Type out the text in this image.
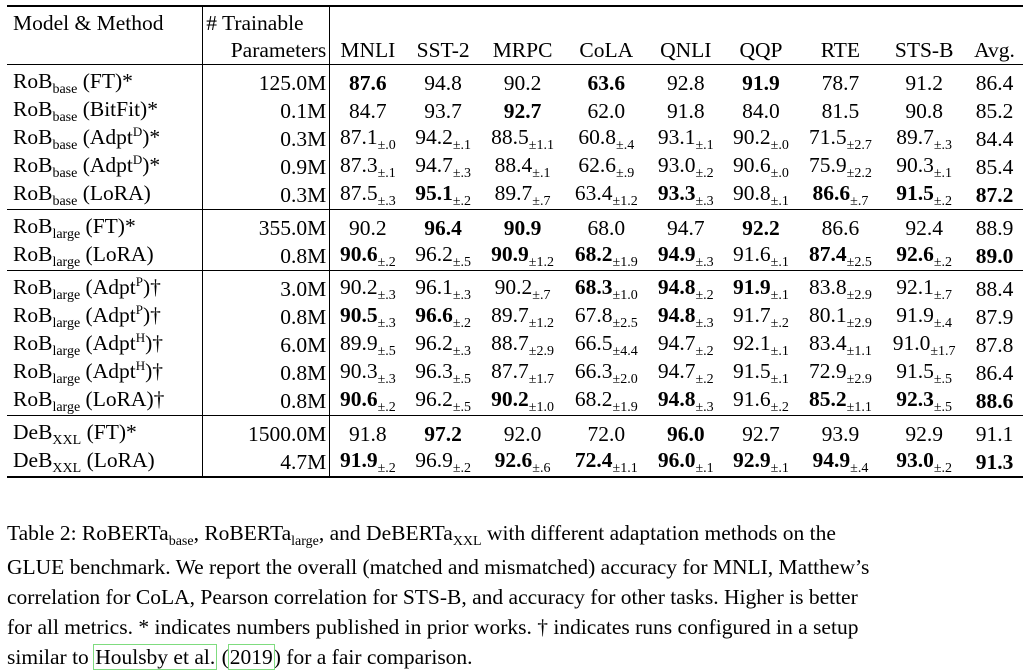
Model & Method	# Trainable									
	Parameters	MNLI	SST-2	MRPC	CoLA	QNLI	QQP	RTE	STS-B	Avg.
RoB$_{base}$ (FT)*	125.0M	87.6	94.8	90.2	63.6	92.8	91.9	78.7	91.2	86.4
RoB$_{base}$ (BitFit)*	0.1M	84.7	93.7	92.7	62.0	91.8	84.0	81.5	90.8	85.2
RoB$_{base}$ (Adpt$^D$)*	0.3M	$87.1_{\pm.0}$	$94.2_{\pm.1}$	$88.5_{\pm 1.1}$	$60.8_{\pm.4}$	$93.1_{\pm.1}$	$90.2_{\pm.0}$	$71.5_{\pm 2.7}$	$89.7_{\pm.3}$	84.4
RoB$_{base}$ (Adpt$^D$)*	0.9M	$87.3_{\pm.1}$	$94.7_{\pm.3}$	$88.4_{\pm.1}$	$62.6_{\pm.9}$	$93.0_{\pm.2}$	$90.6_{\pm.0}$	$75.9_{\pm 2.2}$	$90.3_{\pm.1}$	85.4
RoB$_{base}$ (LoRA)	0.3M	$87.5_{\pm.3}$	$95.1_{\pm.2}$	$89.7_{\pm.7}$	$63.4_{\pm 1.2}$	$93.3_{\pm.3}$	$90.8_{\pm.1}$	$86.6_{\pm.7}$	$91.5_{\pm.2}$	87.2
RoB$_{large}$ (FT)*	355.0M	90.2	96.4	90.9	68.0	94.7	92.2	86.6	92.4	88.9
RoB$_{large}$ (LoRA)	0.8M	$90.6_{\pm.2}$	$96.2_{\pm.5}$	$90.9_{\pm 1.2}$	$68.2_{\pm 1.9}$	$94.9_{\pm.3}$	$91.6_{\pm.1}$	$87.4_{\pm 2.5}$	$92.6_{\pm.2}$	89.0
RoB$_{large}$ (Adpt$^P$)†	3.0M	$90.2_{\pm.3}$	$96.1_{\pm.3}$	$90.2_{\pm.7}$	$68.3_{\pm 1.0}$	$94.8_{\pm.2}$	$91.9_{\pm.1}$	$83.8_{\pm 2.9}$	$92.1_{\pm.7}$	88.4
RoB$_{large}$ (Adpt$^P$)†	0.8M	$90.5_{\pm.3}$	$96.6_{\pm.2}$	$89.7_{\pm 1.2}$	$67.8_{\pm 2.5}$	$94.8_{\pm.3}$	$91.7_{\pm.2}$	$80.1_{\pm 2.9}$	$91.9_{\pm.4}$	87.9
RoB$_{large}$ (Adpt$^H$)†	6.0M	$89.9_{\pm.5}$	$96.2_{\pm.3}$	$88.7_{\pm 2.9}$	$66.5_{\pm 4.4}$	$94.7_{\pm.2}$	$92.1_{\pm.1}$	$83.4_{\pm 1.1}$	$91.0_{\pm 1.7}$	87.8
RoB$_{large}$ (Adpt$^H$)†	0.8M	$90.3_{\pm.3}$	$96.3_{\pm.5}$	$87.7_{\pm 1.7}$	$66.3_{\pm 2.0}$	$94.7_{\pm.2}$	$91.5_{\pm.1}$	$72.9_{\pm 2.9}$	$91.5_{\pm.5}$	86.4
RoB$_{large}$ (LoRA)†	0.8M	$90.6_{\pm.2}$	$96.2_{\pm.5}$	$90.2_{\pm 1.0}$	$68.2_{\pm 1.9}$	$94.8_{\pm.3}$	$91.6_{\pm.2}$	$85.2_{\pm 1.1}$	$92.3_{\pm.5}$	88.6
DeB$_{XXL}$ (FT)*	1500.0M	91.8	97.2	92.0	72.0	96.0	92.7	93.9	92.9	91.1
DeB$_{XXL}$ (LoRA)	4.7M	$91.9_{\pm.2}$	$96.9_{\pm.2}$	$92.6_{\pm.6}$	$72.4_{\pm 1.1}$	$96.0_{\pm.1}$	$92.9_{\pm.1}$	$94.9_{\pm.4}$	$93.0_{\pm.2}$	91.3
Table 2: RoBERTa$_{base}$, RoBERTa$_{large}$, and DeBERTa$_{XXL}$ with different adaptation methods on the
GLUE benchmark. We report the overall (matched and mismatched) accuracy for MNLI, Matthew’s
correlation for CoLA, Pearson correlation for STS-B, and accuracy for other tasks. Higher is better
for all metrics. * indicates numbers published in prior works. † indicates runs configured in a setup
similar to Houlsby et al. (2019) for a fair comparison.
